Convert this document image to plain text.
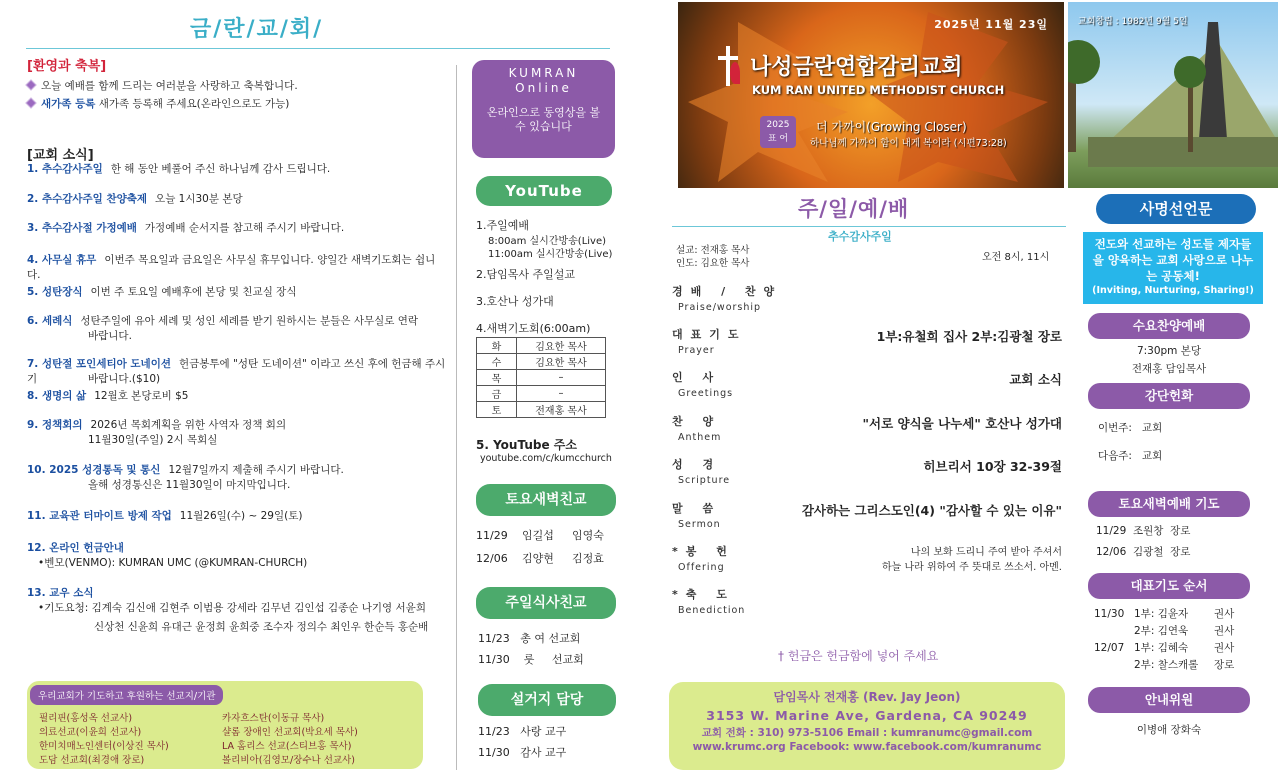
금/란/교/회/
[환영과 축복]
오늘 예배를 함께 드리는 여러분을 사랑하고 축복합니다.
새가족 등록 새가족 등록해 주세요(온라인으로도 가능)
[교회 소식]
1. 추수감사주일 한 해 동안 베풀어 주신 하나님께 감사 드립니다.
2. 추수감사주일 찬양축제 오늘 1시30분 본당
3. 추수감사절 가정예배 가정예배 순서지를 참고해 주시기 바랍니다.
4. 사무실 휴무 이번주 목요일과 금요일은 사무실 휴무입니다. 양일간 새벽기도회는 쉽니다.
5. 성탄장식 이번 주 토요일 예배후에 본당 및 친교실 장식
6. 세례식 성탄주일에 유아 세례 및 성인 세례를 받기 원하시는 분들은 사무실로 연락
바랍니다.
7. 성탄절 포인세티아 도네이션 헌금봉투에 "성탄 도네이션" 이라고 쓰신 후에 헌금해 주시기	바랍니다.($10)
8. 생명의 삶 12월호 본당로비 $5
9. 정책회의 2026년 목회계획을 위한 사역자 정책 회의
11월30일(주일) 2시 목회실
10. 2025 성경통독 및 통신 12월7일까지 제출해 주시기 바랍니다.
올해 성경통신은 11월30일이 마지막입니다.
11. 교육관 터마이트 방제 작업 11월26일(수) ~ 29일(토)
12. 온라인 헌금안내
•벤모(VENMO): KUMRAN UMC (@KUMRAN-CHURCH)
13. 교우 소식
•기도요청: 김계숙 김신애 김현주 이범용 강세라 김무년 김인섭 김종순 나기영 서윤희
신상천 신윤희 유대근 윤정희 윤희중 조수자 정의수 최인우 한순득 홍순배
우리교회가 기도하고 후원하는 선교지/기관
필리핀(홍성옥 선교사)	카자흐스탄(이동규 목사)
의료선교(이윤희 선교사)	샬롬 장애인 선교회(박요세 목사)
한미치매노인센터(이상진 목사)	LA 홈리스 선교(스티브홍 목사)
도담 선교회(최경애 장로)	볼리비아(김영모/장수나 선교사)
KUMRAN Online
온라인으로 동영상을 볼 수 있습니다
YouTube
1.주일예배
8:00am 실시간방송(Live)
11:00am 실시간방송(Live)
2.담임목사 주일설교
3.호산나 성가대
4.새벽기도회(6:00am)
화	김요한 목사
수	김요한 목사
목	–
금	–
토	전재홍 목사
5. YouTube 주소
youtube.com/c/kumcchurch
토요새벽친교
11/29 임길섭 임영숙
12/06 김양현 김정효
주일식사친교
11/23 총 여 선교회
11/30 룻 선교회
설거지 담당
11/23 사랑 교구
11/30 감사 교구
2025년 11월 23일
나성금란연합감리교회
KUM RAN UNITED METHODIST CHURCH
2025
표 어
더 가까이(Growing Closer)
하나님께 가까이 함이 내게 복이라 (시편73:28)
교회창립 : 1982년 9월 5일
주/일/예/배
추수감사주일
설교: 전재홍 목사
인도: 김요한 목사
오전 8시, 11시
경배 / 찬양
Praise/worship
대표기도
Prayer
1부:유철희 집사 2부:김광철 장로
인 사
Greetings
교회 소식
찬 양
Anthem
"서로 양식을 나누세" 호산나 성가대
성 경
Scripture
히브리서 10장 32-39절
말 씀
Sermon
감사하는 그리스도인(4) "감사할 수 있는 이유"
*봉 헌
Offering
나의 보화 드리니 주여 받아 주셔서
하늘 나라 위하여 주 뜻대로 쓰소서. 아멘.
*축 도
Benediction
† 헌금은 헌금함에 넣어 주세요
담임목사 전재홍 (Rev. Jay Jeon)
3153 W. Marine Ave, Gardena, CA 90249
교회 전화 : 310) 973-5106 Email : kumranumc@gmail.com
www.krumc.org Facebook: www.facebook.com/kumranumc
사명선언문
전도와 선교하는 성도들 제자들을 양육하는 교회 사랑으로 나누는 공동체!
(Inviting, Nurturing, Sharing!)
수요찬양예배
7:30pm 본당
전재홍 담임목사
강단헌화
이번주: 교회
다음주: 교회
토요새벽예배 기도
11/29 조원창 장로
12/06 김광철 장로
대표기도 순서
11/30 1부: 김윤자 권사
2부: 김연욱 권사
12/07 1부: 김혜숙 권사
2부: 찰스캐롤 장로
안내위원
이병애 장화숙
